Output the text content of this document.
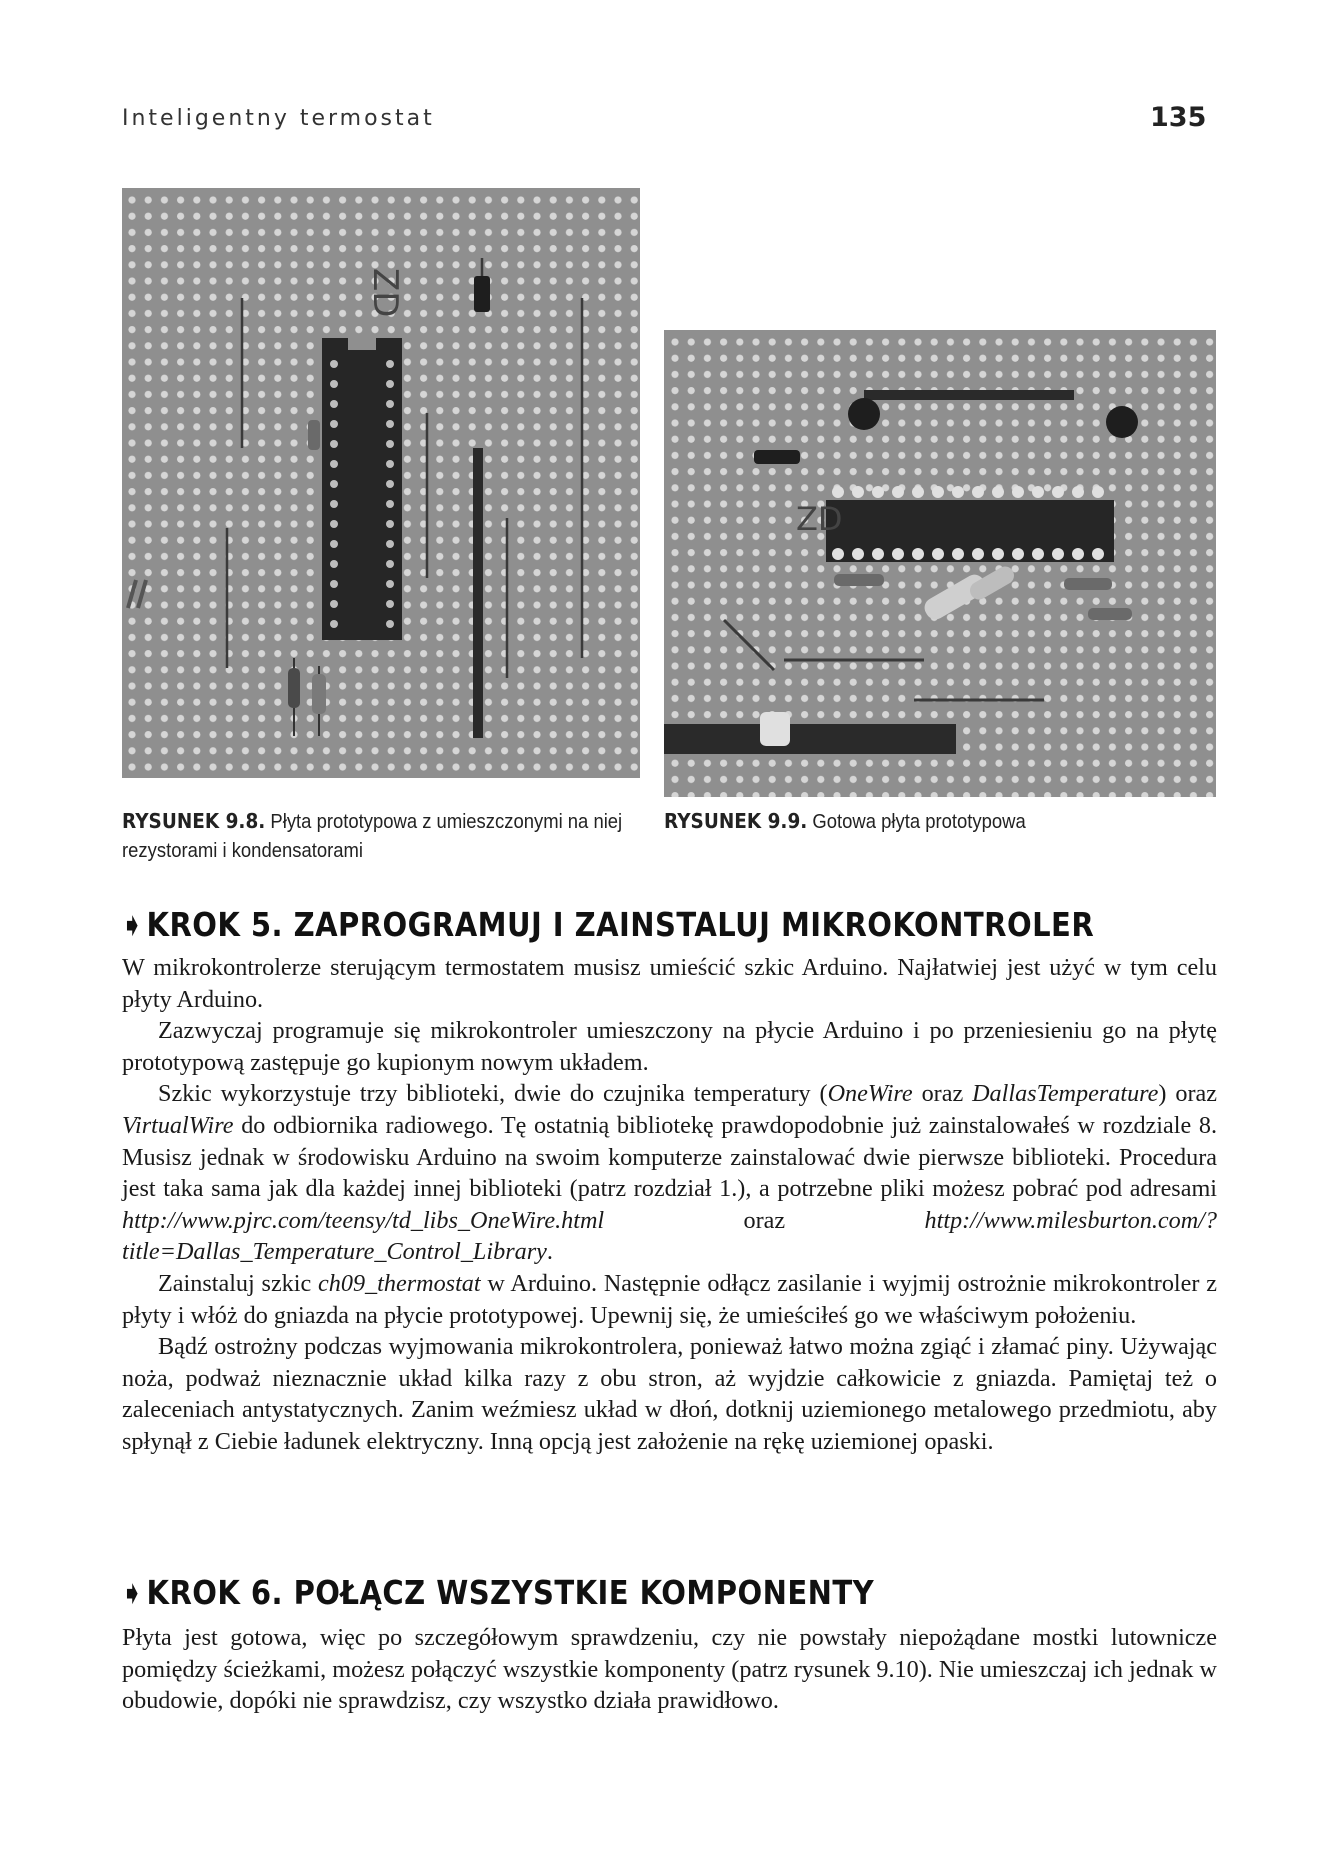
Inteligentny termostat	135
ZD
ZD
RYSUNEK 9.8. Płyta prototypowa z umieszczonymi na niej rezystorami i kondensatorami
RYSUNEK 9.9. Gotowa płyta prototypowa
➧KROK 5. ZAPROGRAMUJ I ZAINSTALUJ MIKROKONTROLER

W mikrokontrolerze sterującym termostatem musisz umieścić szkic Arduino. Najłatwiej jest użyć w tym celu płyty Arduino.

Zazwyczaj programuje się mikrokontroler umieszczony na płycie Arduino i po przeniesieniu go na płytę prototypową zastępuje go kupionym nowym układem.

Szkic wykorzystuje trzy biblioteki, dwie do czujnika temperatury (OneWire oraz DallasTemperature) oraz VirtualWire do odbiornika radiowego. Tę ostatnią bibliotekę prawdopodobnie już zainstalowałeś w rozdziale 8. Musisz jednak w środowisku Arduino na swoim komputerze zainstalować dwie pierwsze biblioteki. Procedura jest taka sama jak dla każdej innej biblioteki (patrz rozdział 1.), a potrzebne pliki możesz pobrać pod adresami http://www.pjrc.com/teensy/td_libs_OneWire.html oraz http://www.milesburton.com/?title=Dallas_Temperature_Control_Library.

Zainstaluj szkic ch09_thermostat w Arduino. Następnie odłącz zasilanie i wyjmij ostrożnie mikrokontroler z płyty i włóż do gniazda na płycie prototypowej. Upewnij się, że umieściłeś go we właściwym położeniu.

Bądź ostrożny podczas wyjmowania mikrokontrolera, ponieważ łatwo można zgiąć i złamać piny. Używając noża, podważ nieznacznie układ kilka razy z obu stron, aż wyjdzie całkowicie z gniazda. Pamiętaj też o zaleceniach antystatycznych. Zanim weźmiesz układ w dłoń, dotknij uziemionego metalowego przedmiotu, aby spłynął z Ciebie ładunek elektryczny. Inną opcją jest założenie na rękę uziemionej opaski.

➧KROK 6. POŁĄCZ WSZYSTKIE KOMPONENTY

Płyta jest gotowa, więc po szczegółowym sprawdzeniu, czy nie powstały niepożądane mostki lutownicze pomiędzy ścieżkami, możesz połączyć wszystkie komponenty (patrz rysunek 9.10). Nie umieszczaj ich jednak w obudowie, dopóki nie sprawdzisz, czy wszystko działa prawidłowo.
